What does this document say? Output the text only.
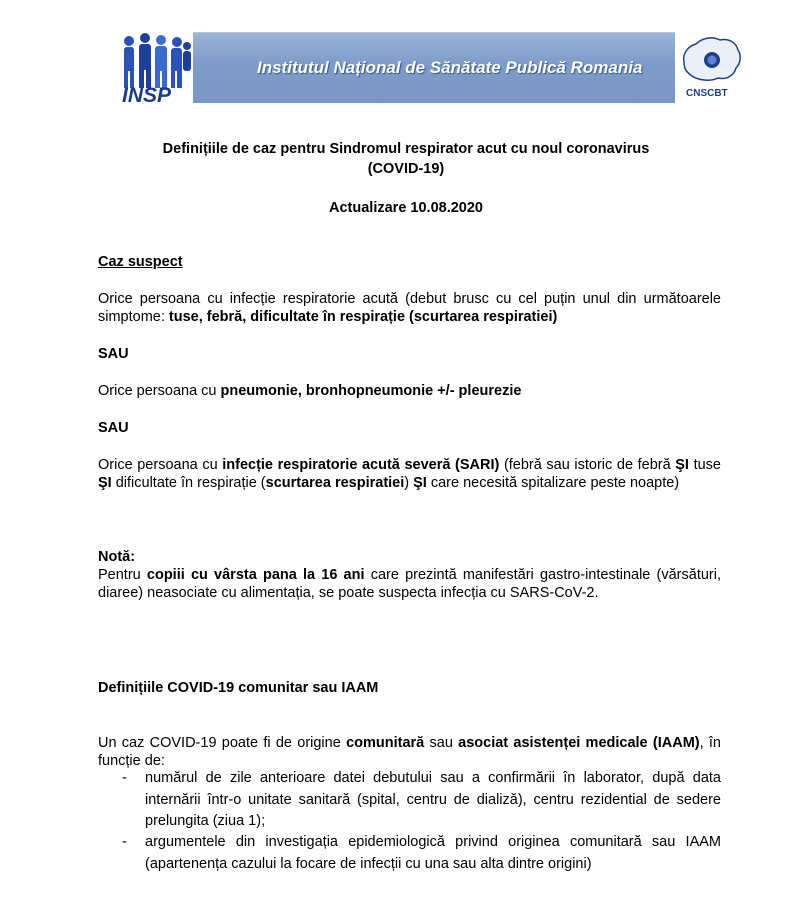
INSP
Institutul Național de Sănătate Publică Romania
CNSCBT
Definițiile de caz pentru Sindromul respirator acut cu noul coronavirus
(COVID-19)
Actualizare 10.08.2020
Caz suspect
Orice persoana cu infecție respiratorie acută (debut brusc cu cel puțin unul din următoarele simptome: tuse, febră, dificultate în respirație (scurtarea respiratiei)
SAU
Orice persoana cu pneumonie, bronhopneumonie +/- pleurezie
SAU
Orice persoana cu infecție respiratorie acută severă (SARI) (febră sau istoric de febră ŞI tuse ŞI dificultate în respirație (scurtarea respiratiei) ŞI care necesită spitalizare peste noapte)
Notă:
Pentru copiii cu vârsta pana la 16 ani care prezintă manifestări gastro-intestinale (vărsături, diaree) neasociate cu alimentația, se poate suspecta infecția cu SARS-CoV-2.
Definițiile COVID-19 comunitar sau IAAM
Un caz COVID-19 poate fi de origine comunitară sau asociat asistenței medicale (IAAM), în funcție de:
- numărul de zile anterioare datei debutului sau a confirmării în laborator, după data internării într-o unitate sanitară (spital, centru de dializă), centru rezidential de sedere prelungita (ziua 1);
- argumentele din investigația epidemiologică privind originea comunitară sau IAAM (apartenența cazului la focare de infecții cu una sau alta dintre origini)
